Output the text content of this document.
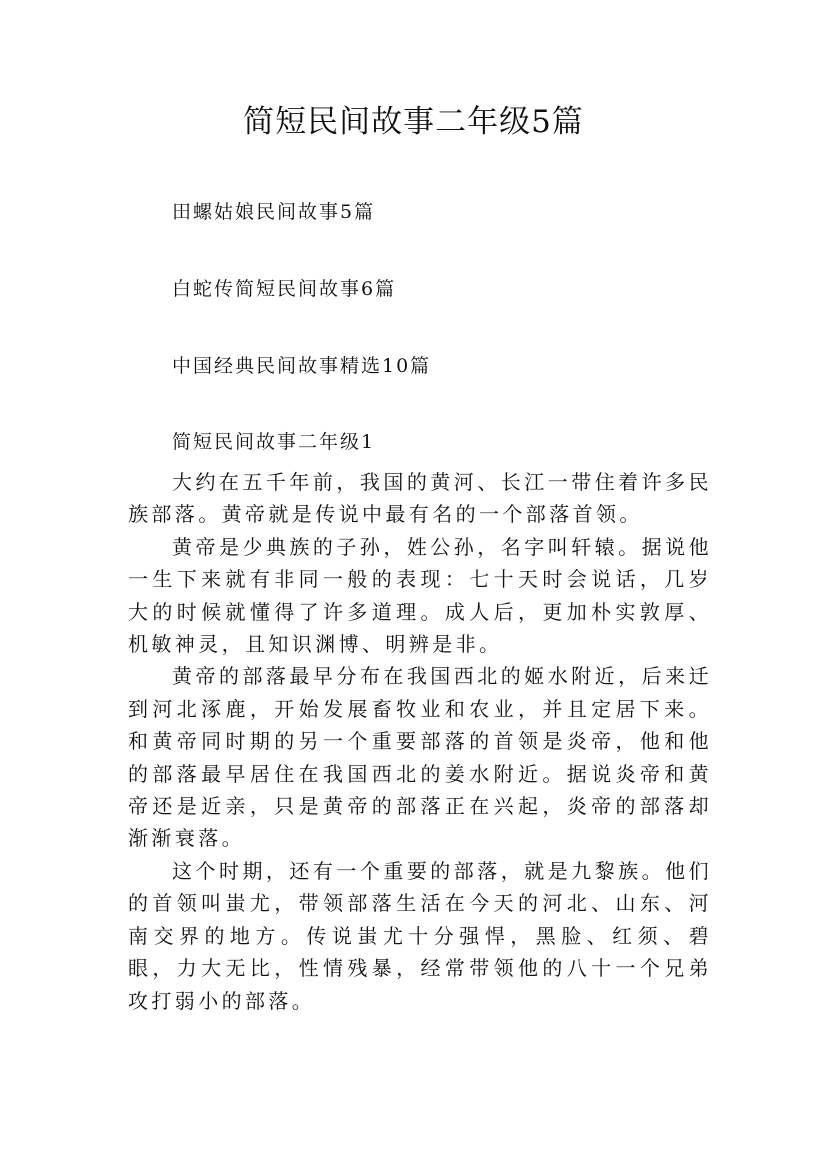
简短民间故事二年级5篇

田螺姑娘民间故事5篇

白蛇传简短民间故事6篇

中国经典民间故事精选10篇

简短民间故事二年级1

大约在五千年前，我国的黄河、长江一带住着许多民族部落。黄帝就是传说中最有名的一个部落首领。

黄帝是少典族的子孙，姓公孙，名字叫轩辕。据说他一生下来就有非同一般的表现：七十天时会说话，几岁大的时候就懂得了许多道理。成人后，更加朴实敦厚、机敏神灵，且知识渊博、明辨是非。

黄帝的部落最早分布在我国西北的姬水附近，后来迁到河北涿鹿，开始发展畜牧业和农业，并且定居下来。和黄帝同时期的另一个重要部落的首领是炎帝，他和他的部落最早居住在我国西北的姜水附近。据说炎帝和黄帝还是近亲，只是黄帝的部落正在兴起，炎帝的部落却渐渐衰落。

这个时期，还有一个重要的部落，就是九黎族。他们的首领叫蚩尤，带领部落生活在今天的河北、山东、河南交界的地方。传说蚩尤十分强悍，黑脸、红须、碧眼，力大无比，性情残暴，经常带领他的八十一个兄弟攻打弱小的部落。
